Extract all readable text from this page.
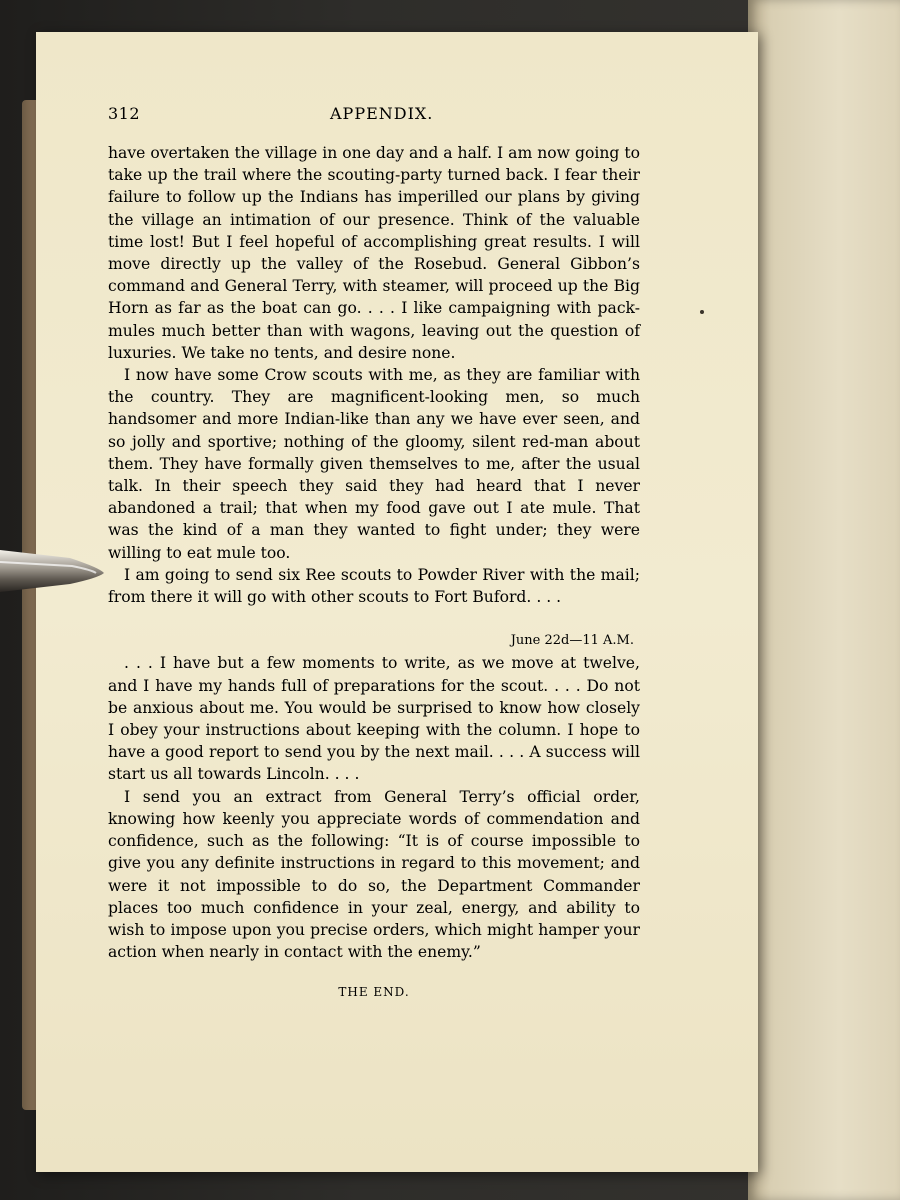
312	APPENDIX.

have overtaken the village in one day and a half. I am now going to take up the trail where the scouting-party turned back. I fear their failure to follow up the Indians has imperilled our plans by giving the village an intimation of our presence. Think of the valuable time lost! But I feel hopeful of accomplishing great results. I will move directly up the valley of the Rosebud. General Gibbon’s command and General Terry, with steamer, will proceed up the Big Horn as far as the boat can go. . . . I like campaigning with pack-mules much better than with wagons, leaving out the question of luxuries. We take no tents, and desire none.

I now have some Crow scouts with me, as they are familiar with the country. They are magnificent-looking men, so much handsomer and more Indian-like than any we have ever seen, and so jolly and sportive; nothing of the gloomy, silent red-man about them. They have formally given themselves to me, after the usual talk. In their speech they said they had heard that I never abandoned a trail; that when my food gave out I ate mule. That was the kind of a man they wanted to fight under; they were willing to eat mule too.

I am going to send six Ree scouts to Powder River with the mail; from there it will go with other scouts to Fort Buford. . . .

June 22d—11 A.M.

. . . I have but a few moments to write, as we move at twelve, and I have my hands full of preparations for the scout. . . . Do not be anxious about me. You would be surprised to know how closely I obey your instructions about keeping with the column. I hope to have a good report to send you by the next mail. . . . A success will start us all towards Lincoln. . . .

I send you an extract from General Terry’s official order, knowing how keenly you appreciate words of commendation and confidence, such as the following: “It is of course impossible to give you any definite instructions in regard to this movement; and were it not impossible to do so, the Department Commander places too much confidence in your zeal, energy, and ability to wish to impose upon you precise orders, which might hamper your action when nearly in contact with the enemy.”

THE END.
